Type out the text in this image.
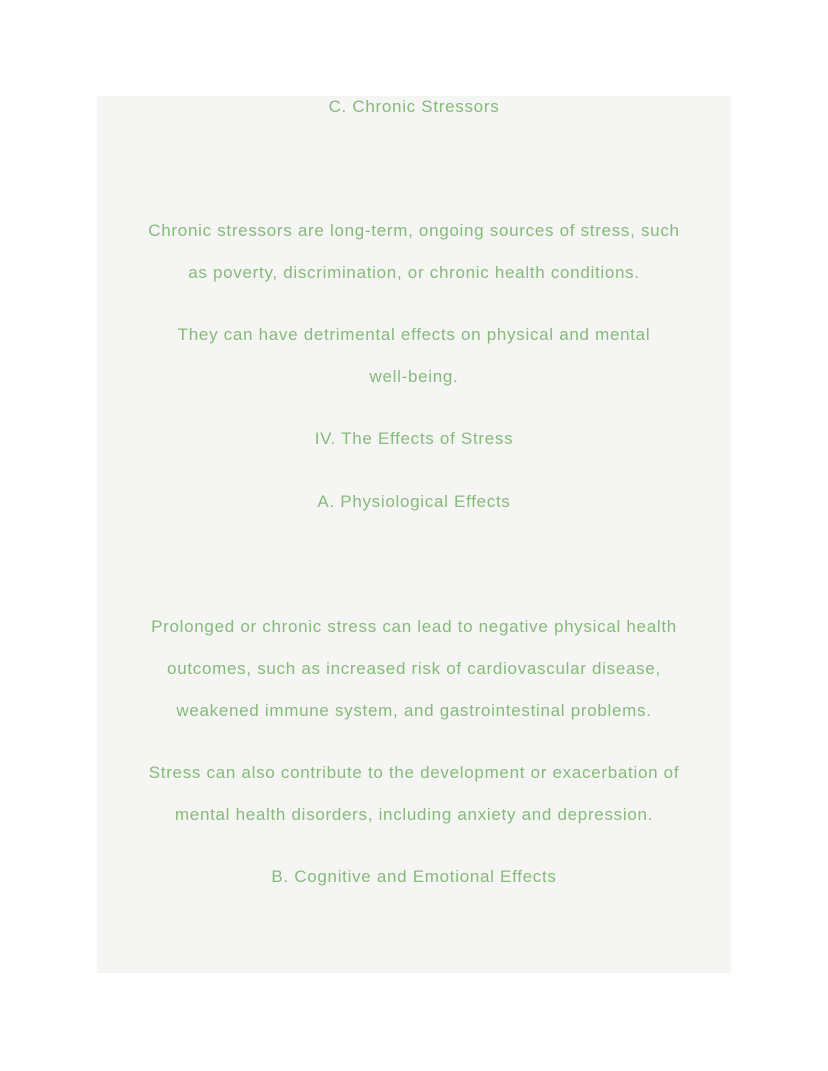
C. Chronic Stressors
Chronic stressors are long-term, ongoing sources of stress, such
as poverty, discrimination, or chronic health conditions.
They can have detrimental effects on physical and mental
well-being.
IV. The Effects of Stress
A. Physiological Effects
Prolonged or chronic stress can lead to negative physical health
outcomes, such as increased risk of cardiovascular disease,
weakened immune system, and gastrointestinal problems.
Stress can also contribute to the development or exacerbation of
mental health disorders, including anxiety and depression.
B. Cognitive and Emotional Effects
